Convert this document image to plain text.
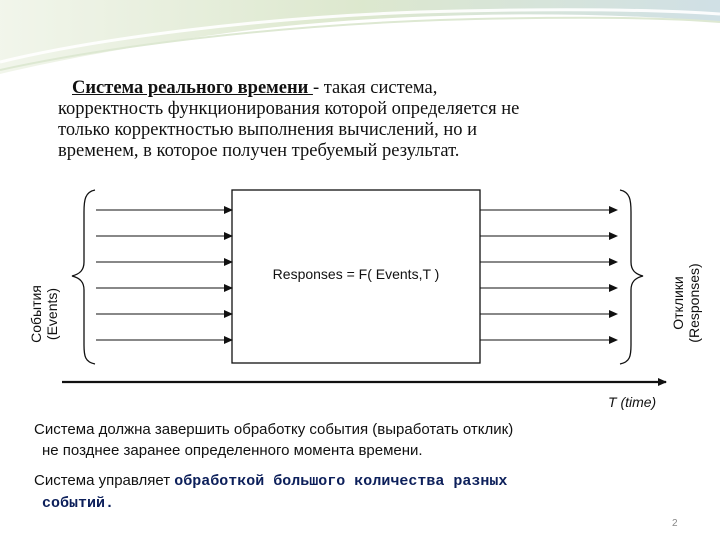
Система реального времени - такая система,
корректность функционирования которой определяется не
только корректностью выполнения вычислений, но и
временем, в которое получен требуемый результат.

Responses = F( Events,T )
События
(Events)	Отклики
(Responses)
T (time)

Система должна завершить обработку события (выработать отклик)
не позднее заранее определенного момента времени.

Система управляет обработкой большого количества разных
событий.

2
